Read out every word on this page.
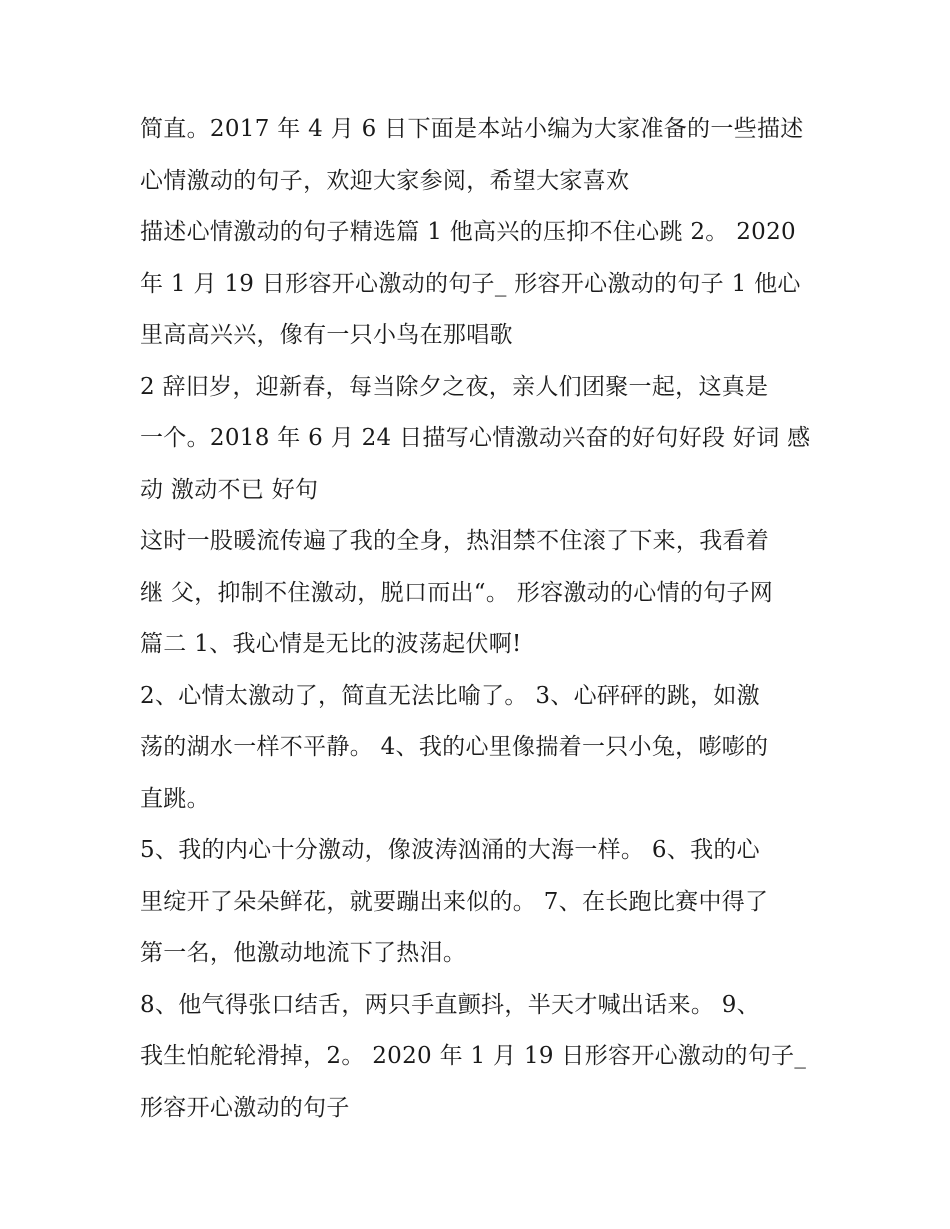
简直。2017 年 4 月 6 日下面是本站小编为大家准备的一些描述
心情激动的句子，欢迎大家参阅，希望大家喜欢
描述心情激动的句子精选篇 1 他高兴的压抑不住心跳 2。 2020
年 1 月 19 日形容开心激动的句子_ 形容开心激动的句子 1 他心
里高高兴兴，像有一只小鸟在那唱歌
2 辞旧岁，迎新春，每当除夕之夜，亲人们团聚一起，这真是
一个。2018 年 6 月 24 日描写心情激动兴奋的好句好段 好词 感
动 激动不已 好句
这时一股暖流传遍了我的全身，热泪禁不住滚了下来，我看着
继 父，抑制不住激动，脱口而出“。 形容激动的心情的句子网
篇二 1、我心情是无比的波荡起伏啊!
2、心情太激动了，简直无法比喻了。 3、心砰砰的跳，如激
荡的湖水一样不平静。 4、我的心里像揣着一只小兔，嘭嘭的
直跳。
5、我的内心十分激动，像波涛汹涌的大海一样。 6、我的心
里绽开了朵朵鲜花，就要蹦出来似的。 7、在长跑比赛中得了
第一名，他激动地流下了热泪。
8、他气得张口结舌，两只手直颤抖，半天才喊出话来。 9、
我生怕舵轮滑掉，2。 2020 年 1 月 19 日形容开心激动的句子_
形容开心激动的句子
